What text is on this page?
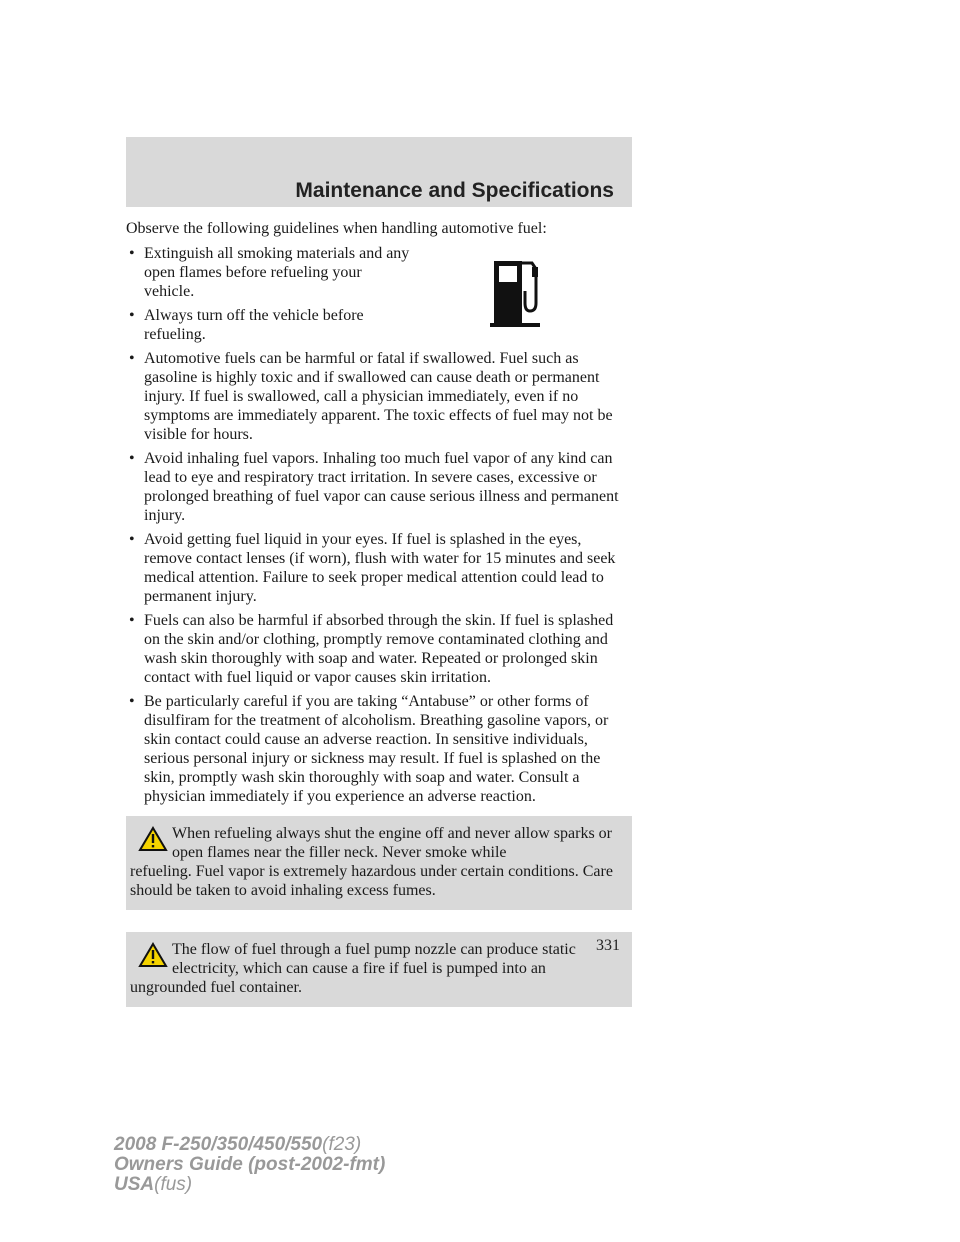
Maintenance and Specifications

Observe the following guidelines when handling automotive fuel:

• Extinguish all smoking materials and any open flames before refueling your vehicle.
• Always turn off the vehicle before refueling.
• Automotive fuels can be harmful or fatal if swallowed. Fuel such as gasoline is highly toxic and if swallowed can cause death or permanent injury. If fuel is swallowed, call a physician immediately, even if no symptoms are immediately apparent. The toxic effects of fuel may not be visible for hours.
• Avoid inhaling fuel vapors. Inhaling too much fuel vapor of any kind can lead to eye and respiratory tract irritation. In severe cases, excessive or prolonged breathing of fuel vapor can cause serious illness and permanent injury.
• Avoid getting fuel liquid in your eyes. If fuel is splashed in the eyes, remove contact lenses (if worn), flush with water for 15 minutes and seek medical attention. Failure to seek proper medical attention could lead to permanent injury.
• Fuels can also be harmful if absorbed through the skin. If fuel is splashed on the skin and/or clothing, promptly remove contaminated clothing and wash skin thoroughly with soap and water. Repeated or prolonged skin contact with fuel liquid or vapor causes skin irritation.
• Be particularly careful if you are taking “Antabuse” or other forms of disulfiram for the treatment of alcoholism. Breathing gasoline vapors, or skin contact could cause an adverse reaction. In sensitive individuals, serious personal injury or sickness may result. If fuel is splashed on the skin, promptly wash skin thoroughly with soap and water. Consult a physician immediately if you experience an adverse reaction.
When refueling always shut the engine off and never allow sparks or open flames near the filler neck. Never smoke while
refueling. Fuel vapor is extremely hazardous under certain conditions. Care should be taken to avoid inhaling excess fumes.
The flow of fuel through a fuel pump nozzle can produce static electricity, which can cause a fire if fuel is pumped into an
ungrounded fuel container.
331
2008 F-250/350/450/550(f23)
Owners Guide (post-2002-fmt)
USA(fus)
